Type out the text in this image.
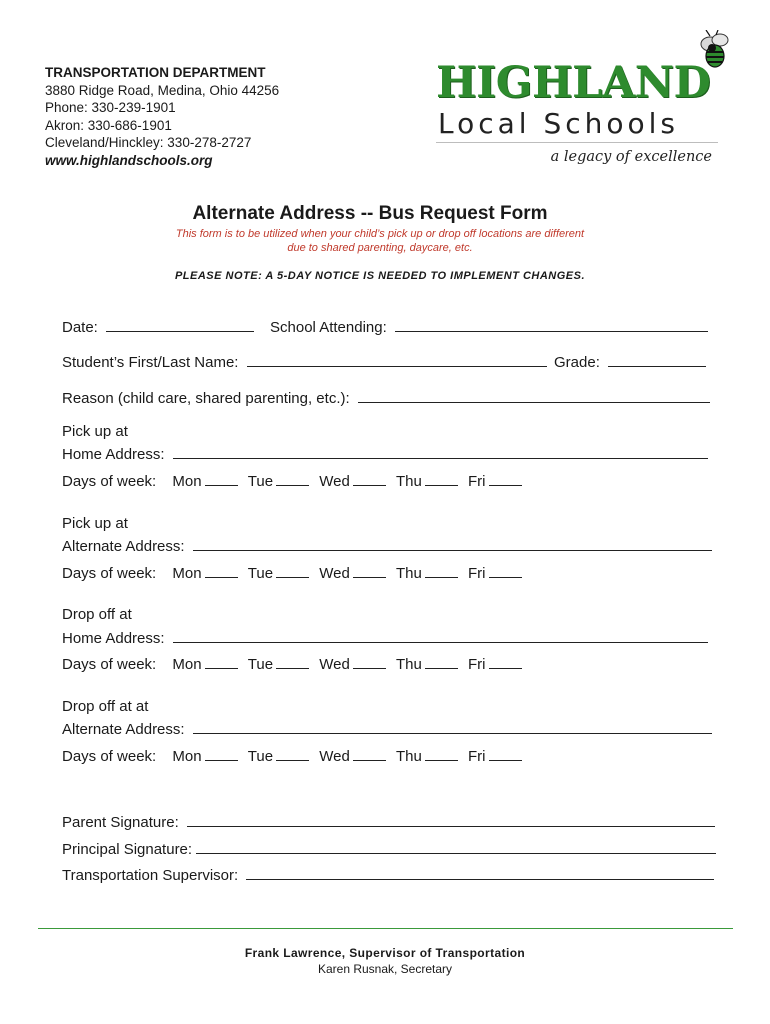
TRANSPORTATION DEPARTMENT
3880 Ridge Road, Medina, Ohio 44256
Phone: 330-239-1901
Akron: 330-686-1901
Cleveland/Hinckley: 330-278-2727
www.highlandschools.org
HIGHLAND
Local Schools
a legacy of excellence
Alternate Address -- Bus Request Form
This form is to be utilized when your child’s pick up or drop off locations are different
due to shared parenting, daycare, etc.
PLEASE NOTE: A 5-DAY NOTICE IS NEEDED TO IMPLEMENT CHANGES.
Date:	School Attending:
Student’s First/Last Name:	Grade:
Reason (child care, shared parenting, etc.):
Pick up at
Home Address:
Days of week: Mon	Tue	Wed	Thu	Fri
Pick up at
Alternate Address:
Days of week: Mon	Tue	Wed	Thu	Fri
Drop off at
Home Address:
Days of week: Mon	Tue	Wed	Thu	Fri
Drop off at at
Alternate Address:
Days of week: Mon	Tue	Wed	Thu	Fri
Parent Signature:
Principal Signature:
Transportation Supervisor:
Frank Lawrence, Supervisor of Transportation
Karen Rusnak, Secretary
